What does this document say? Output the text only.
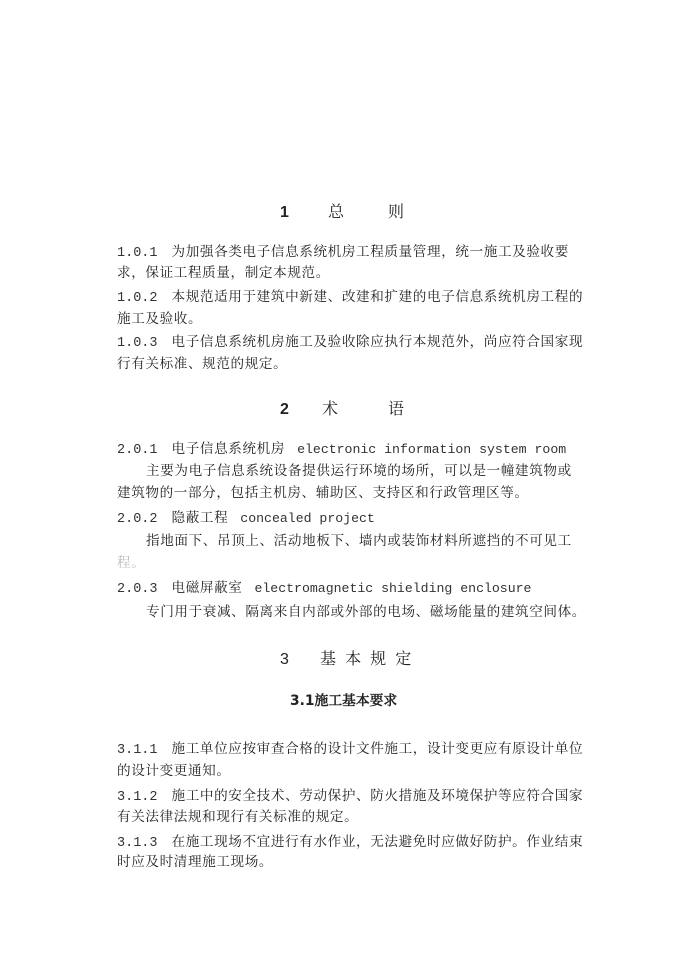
1 总	则
1.0.1 为加强各类电子信息系统机房工程质量管理，统一施工及验收要
求，保证工程质量，制定本规范。
1.0.2 本规范适用于建筑中新建、改建和扩建的电子信息系统机房工程的
施工及验收。
1.0.3 电子信息系统机房施工及验收除应执行本规范外，尚应符合国家现
行有关标准、规范的规定。
2 术	语
2.0.1 电子信息系统机房 electronic information system room
主要为电子信息系统设备提供运行环境的场所，可以是一幢建筑物或
建筑物的一部分，包括主机房、辅助区、支持区和行政管理区等。
2.0.2 隐蔽工程 concealed project
指地面下、吊顶上、活动地板下、墙内或装饰材料所遮挡的不可见工
程。
2.0.3 电磁屏蔽室 electromagnetic shielding enclosure
专门用于衰减、隔离来自内部或外部的电场、磁场能量的建筑空间体。
3 基 本 规 定
3.1施工基本要求
3.1.1 施工单位应按审查合格的设计文件施工，设计变更应有原设计单位
的设计变更通知。
3.1.2 施工中的安全技术、劳动保护、防火措施及环境保护等应符合国家
有关法律法规和现行有关标准的规定。
3.1.3 在施工现场不宜进行有水作业，无法避免时应做好防护。作业结束
时应及时清理施工现场。
